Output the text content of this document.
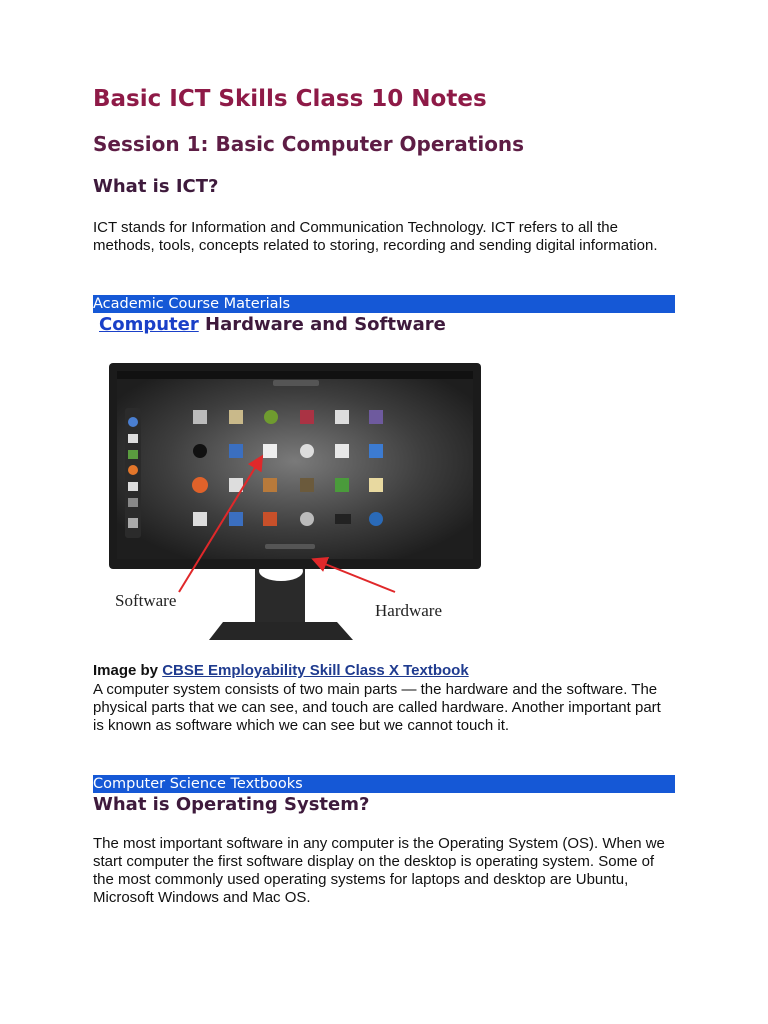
Basic ICT Skills Class 10 Notes
Session 1: Basic Computer Operations
What is ICT?

ICT stands for Information and Communication Technology. ICT refers to all the methods, tools, concepts related to storing, recording and sending digital information.

Academic Course Materials
Computer Hardware and Software
Software
Hardware
Image by CBSE Employability Skill Class X Textbook

A computer system consists of two main parts — the hardware and the software. The physical parts that we can see, and touch are called hardware. Another important part is known as software which we can see but we cannot touch it.

Computer Science Textbooks
What is Operating System?

The most important software in any computer is the Operating System (OS). When we start computer the first software display on the desktop is operating system. Some of the most commonly used operating systems for laptops and desktop are Ubuntu, Microsoft Windows and Mac OS.
